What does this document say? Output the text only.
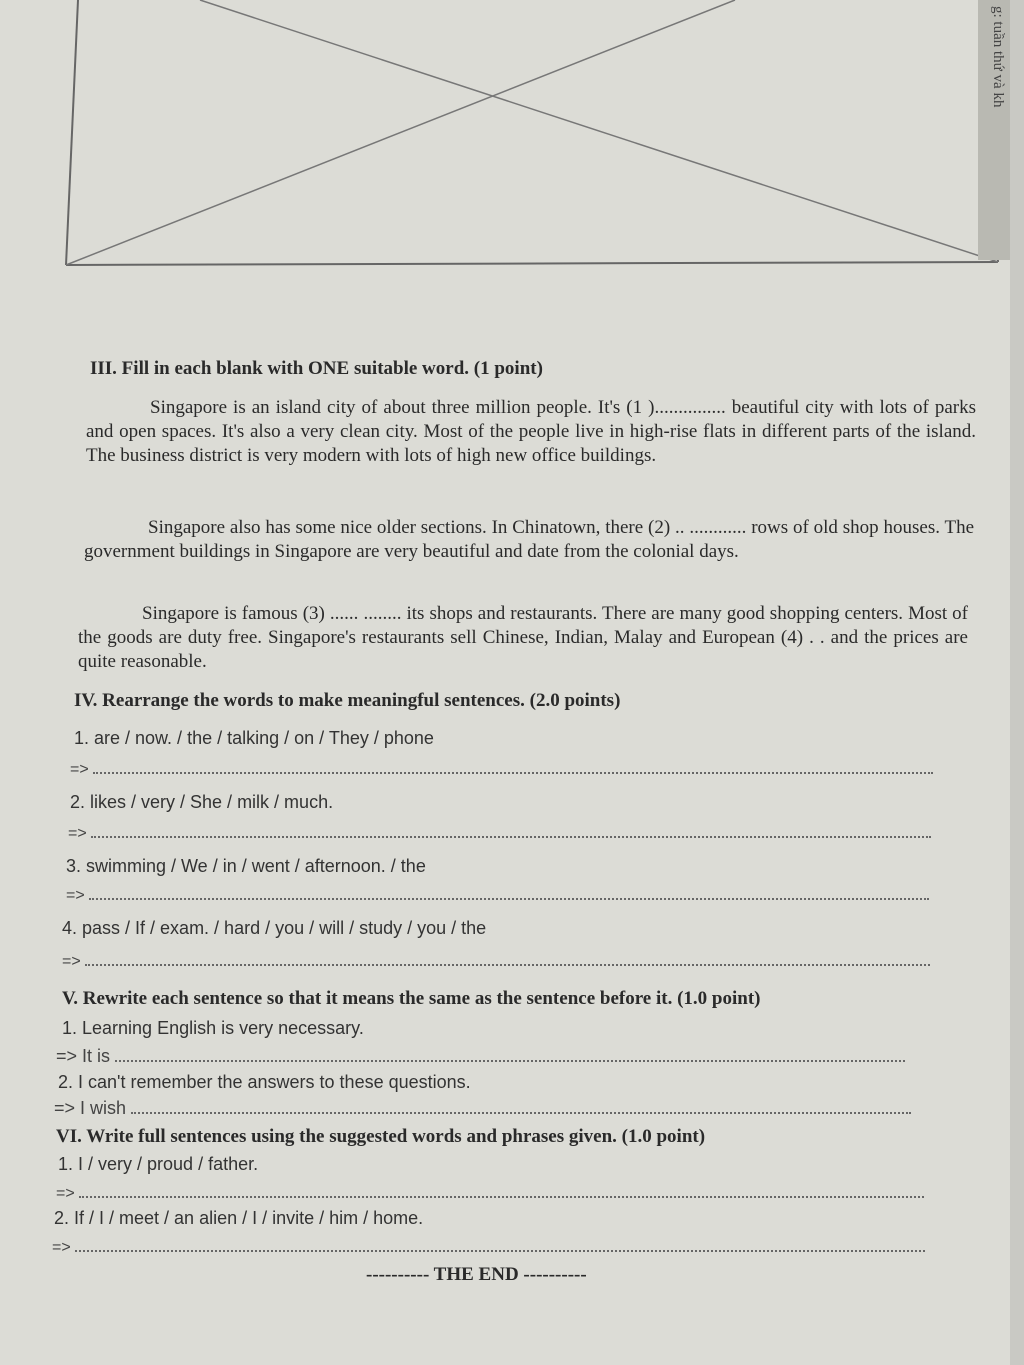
g: tuần thứ và kh
III. Fill in each blank with ONE suitable word. (1 point)
Singapore is an island city of about three million people. It's (1 )............... beautiful city with lots of parks and open spaces. It's also a very clean city. Most of the people live in high-rise flats in different parts of the island. The business district is very modern with lots of high new office buildings.
Singapore also has some nice older sections. In Chinatown, there (2) .. ............ rows of old shop houses. The government buildings in Singapore are very beautiful and date from the colonial days.
Singapore is famous (3) ...... ........ its shops and restaurants. There are many good shopping centers. Most of the goods are duty free. Singapore's restaurants sell Chinese, Indian, Malay and European (4) . . and the prices are quite reasonable.
IV. Rearrange the words to make meaningful sentences. (2.0 points)
1. are / now. / the / talking / on / They / phone
=>
2. likes / very / She / milk / much.
=>
3. swimming / We / in / went / afternoon. / the
=>
4. pass / If / exam. / hard / you / will / study / you / the
=>
V. Rewrite each sentence so that it means the same as the sentence before it. (1.0 point)
1. Learning English is very necessary.
=> It is
2. I can't remember the answers to these questions.
=> I wish
VI. Write full sentences using the suggested words and phrases given. (1.0 point)
1. I / very / proud / father.
=>
2. If / I / meet / an alien / I / invite / him / home.
=>
---------- THE END ----------
